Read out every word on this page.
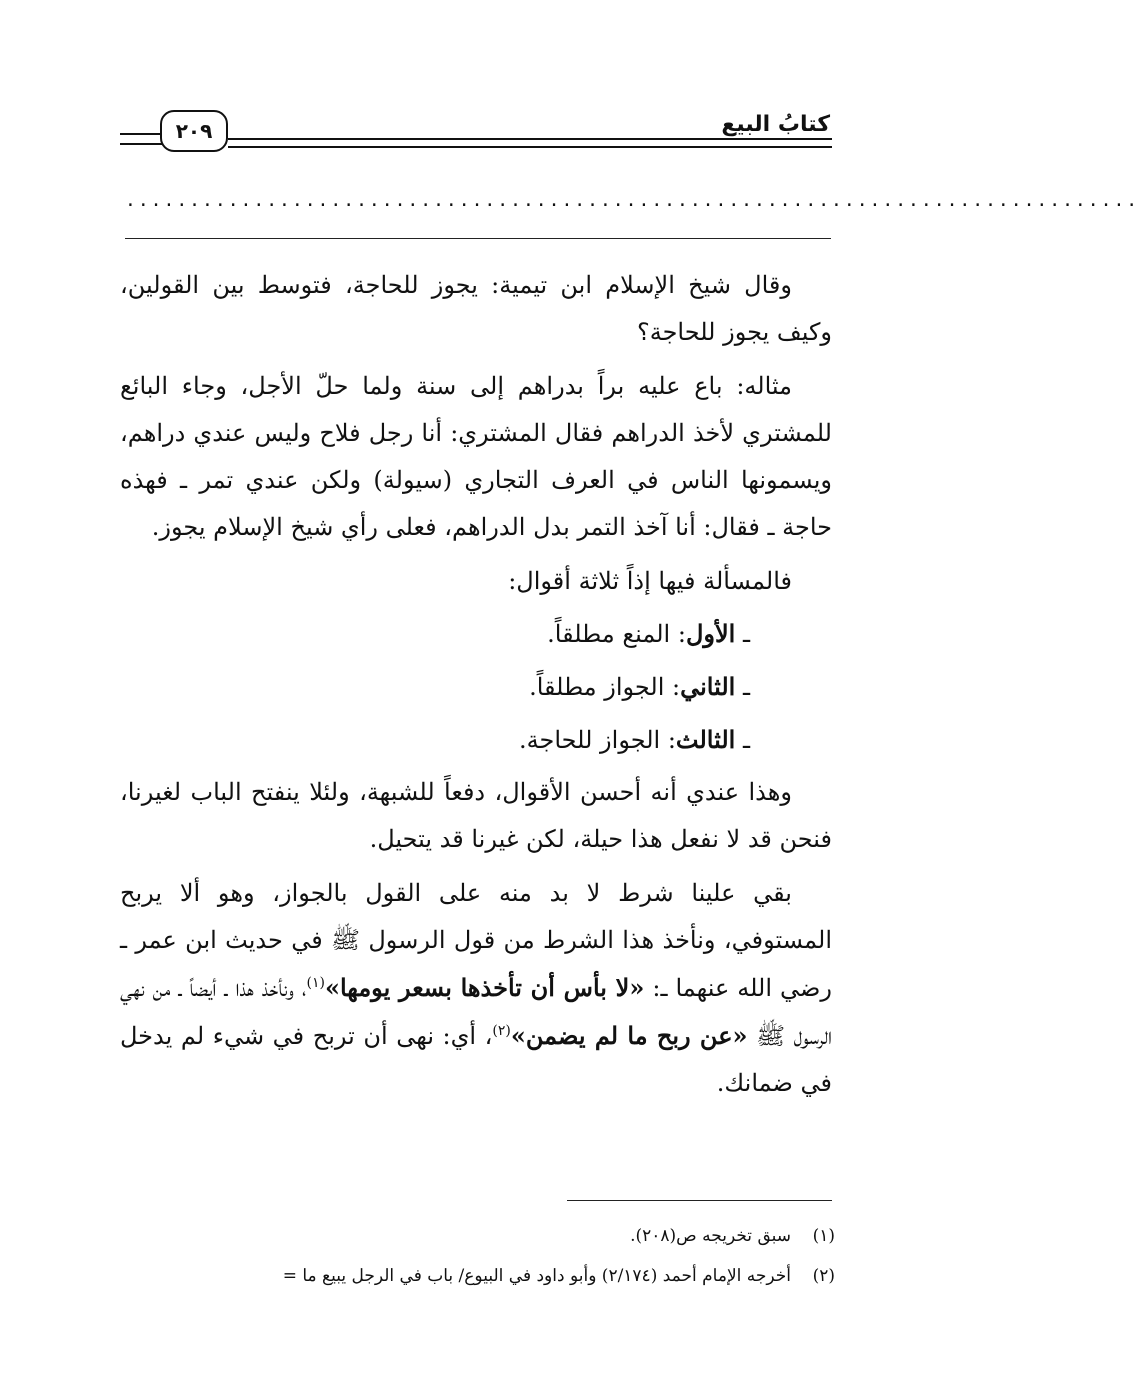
كتابُ البيع
٢٠٩
...............................................................................

وقال شيخ الإسلام ابن تيمية: يجوز للحاجة، فتوسط بين القولين، وكيف يجوز للحاجة؟

مثاله: باع عليه براً بدراهم إلى سنة ولما حلّ الأجل، وجاء البائع للمشتري لأخذ الدراهم فقال المشتري: أنا رجل فلاح وليس عندي دراهم، ويسمونها الناس في العرف التجاري (سيولة) ولكن عندي تمر ـ فهذه حاجة ـ فقال: أنا آخذ التمر بدل الدراهم، فعلى رأي شيخ الإسلام يجوز.

فالمسألة فيها إذاً ثلاثة أقوال:

ـ الأول: المنع مطلقاً.

ـ الثاني: الجواز مطلقاً.

ـ الثالث: الجواز للحاجة.

وهذا عندي أنه أحسن الأقوال، دفعاً للشبهة، ولئلا ينفتح الباب لغيرنا، فنحن قد لا نفعل هذا حيلة، لكن غيرنا قد يتحيل.

بقي علينا شرط لا بد منه على القول بالجواز، وهو ألا يربح المستوفي، ونأخذ هذا الشرط من قول الرسول ﷺ في حديث ابن عمر ـ رضي الله عنهما ـ: «لا بأس أن تأخذها بسعر يومها»$^{(١)}$، ونأخذ هذا ـ أيضاً ـ من نهي الرسول ﷺ «عن ربح ما لم يضمن»$^{(٢)}$، أي: نهى أن تربح في شيء لم يدخل في ضمانك.

(١)سبق تخريجه ص(٢٠٨).

(٢)أخرجه الإمام أحمد (٢/١٧٤) وأبو داود في البيوع/ باب في الرجل يبيع ما =
